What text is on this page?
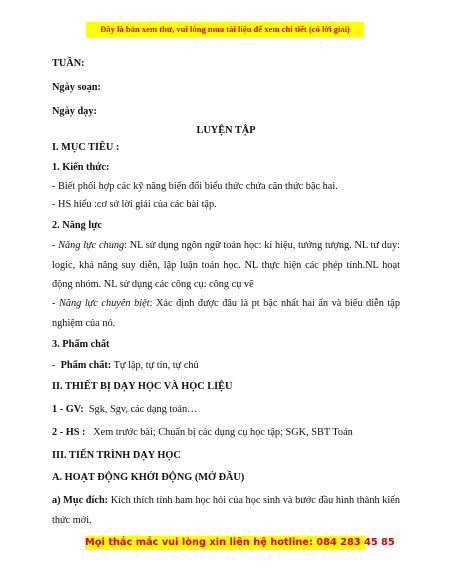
Đây là bản xem thử, vui lòng mua tài liệu để xem chi tiết (có lời giải)
TUẦN:
Ngày soạn:
Ngày dạy:
LUYỆN TẬP
I. MỤC TIÊU :
1. Kiến thức:
- Biết phối hợp các kỹ năng biến đổi biểu thức chứa căn thức bậc hai.
- HS hiểu :cơ sở lời giải của các bài tập.
2. Năng lực
- Năng lực chung: NL sử dụng ngôn ngữ toán học: kí hiệu, tưởng tượng. NL tư duy: logic, khả năng suy diễn, lập luận toán học. NL thực hiện các phép tính.NL hoạt động nhóm. NL sử dụng các công cụ: công cụ vẽ
- Năng lực chuyên biệt: Xác định được đâu là pt bậc nhất hai ẩn và biểu diễn tập nghiệm của nó.
3. Phẩm chất
-  Phẩm chất: Tự lập, tự tin, tự chủ
II. THIẾT BỊ DẠY HỌC VÀ HỌC LIỆU
1 - GV: Sgk, Sgv, các dạng toán…
2 - HS : Xem trước bài; Chuẩn bị các dụng cụ học tập; SGK, SBT Toán
III. TIẾN TRÌNH DẠY HỌC
A. HOẠT ĐỘNG KHỞI ĐỘNG (MỞ ĐẦU)
a) Mục đích: Kích thích tính ham học hỏi của học sinh và bước đầu hình thành kiến thức mới.
Mọi thắc mắc vui lòng xin liên hệ hotline: 084 283 45 85
